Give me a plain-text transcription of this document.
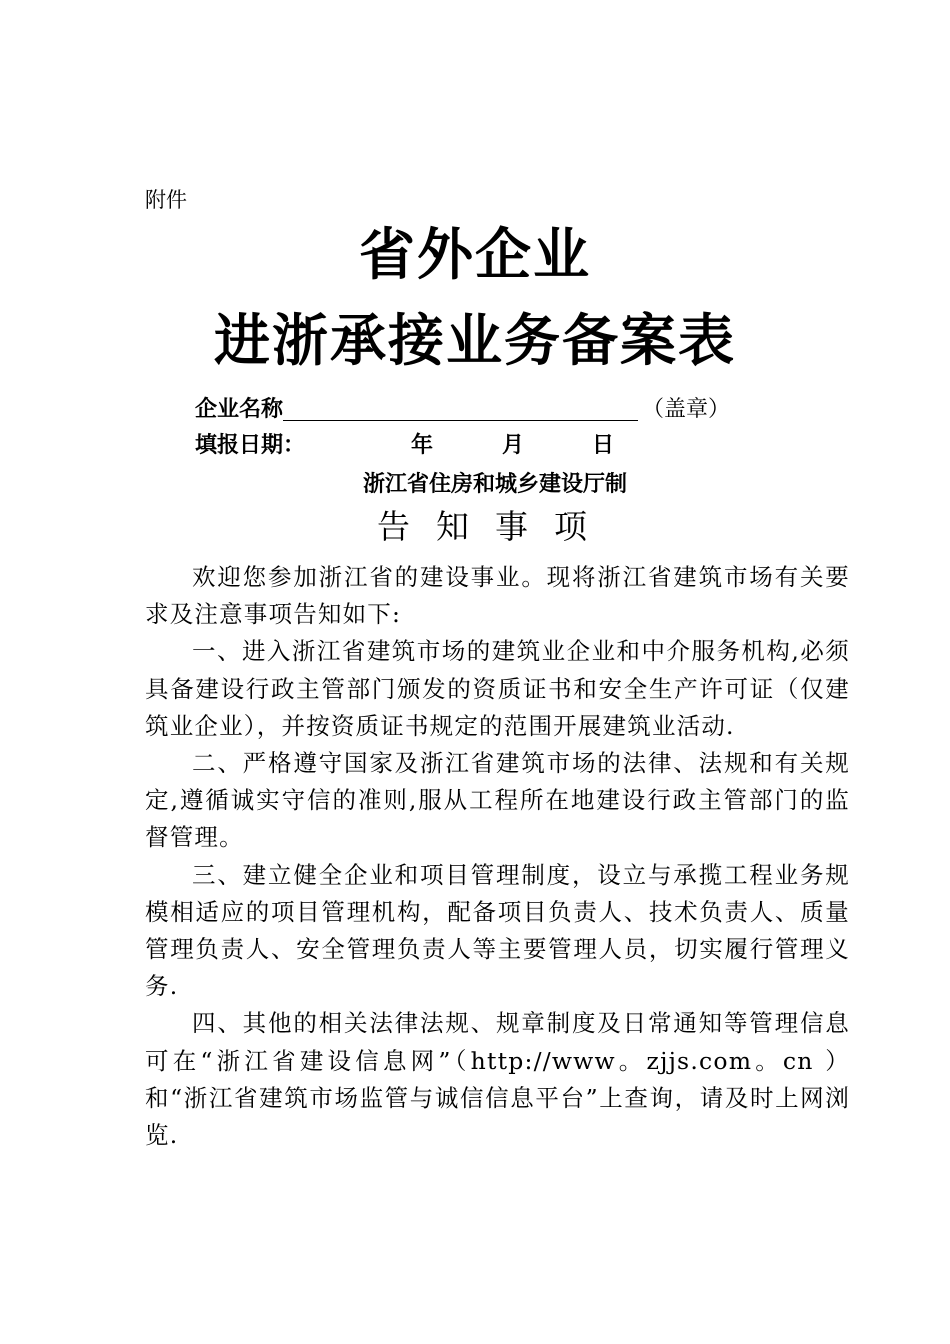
附件
省外企业
进浙承接业务备案表
企业名称	（盖章）
填报日期：	年	月	日
浙江省住房和城乡建设厅制
告知事项

欢迎您参加浙江省的建设事业。现将浙江省建筑市场有关要求及注意事项告知如下:

一、进入浙江省建筑市场的建筑业企业和中介服务机构,必须具备建设行政主管部门颁发的资质证书和安全生产许可证（仅建筑业企业），并按资质证书规定的范围开展建筑业活动.

二、严格遵守国家及浙江省建筑市场的法律、法规和有关规定,遵循诚实守信的准则,服从工程所在地建设行政主管部门的监督管理。

三、建立健全企业和项目管理制度，设立与承揽工程业务规模相适应的项目管理机构，配备项目负责人、技术负责人、质量管理负责人、安全管理负责人等主要管理人员，切实履行管理义务.

四、其他的相关法律法规、规章制度及日常通知等管理信息可在“浙江省建设信息网”（http://www。zjjs.com。cn ）和“浙江省建筑市场监管与诚信信息平台”上查询，请及时上网浏览.
